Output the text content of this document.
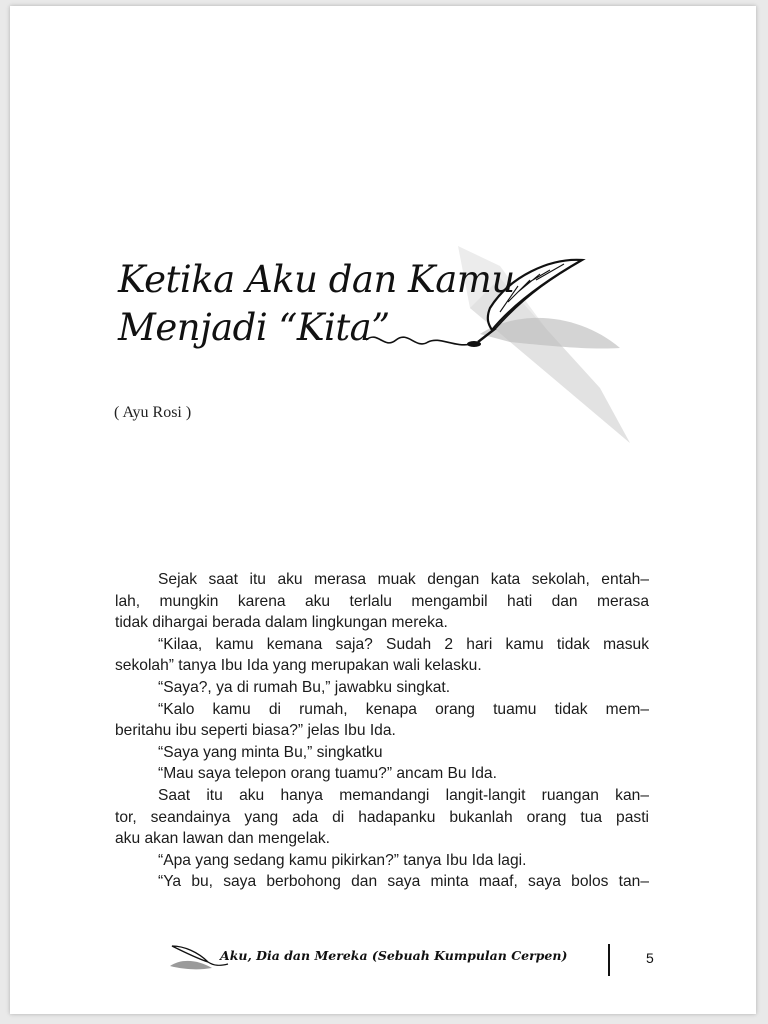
Ketika Aku dan Kamu
Menjadi “Kita”
( Ayu Rosi )
Sejak saat itu aku merasa muak dengan kata sekolah, entah–
lah, mungkin karena aku terlalu mengambil hati dan merasa
tidak dihargai berada dalam lingkungan mereka.
“Kilaa, kamu kemana saja? Sudah 2 hari kamu tidak masuk
sekolah” tanya Ibu Ida yang merupakan wali kelasku.
“Saya?, ya di rumah Bu,” jawabku singkat.
“Kalo kamu di rumah, kenapa orang tuamu tidak mem–
beritahu ibu seperti biasa?” jelas Ibu Ida.
“Saya yang minta Bu,” singkatku
“Mau saya telepon orang tuamu?” ancam Bu Ida.
Saat itu aku hanya memandangi langit-langit ruangan kan–
tor, seandainya yang ada di hadapanku bukanlah orang tua pasti
aku akan lawan dan mengelak.
“Apa yang sedang kamu pikirkan?” tanya Ibu Ida lagi.
“Ya bu, saya berbohong dan saya minta maaf, saya bolos tan–
Aku, Dia dan Mereka (Sebuah Kumpulan Cerpen)	5
